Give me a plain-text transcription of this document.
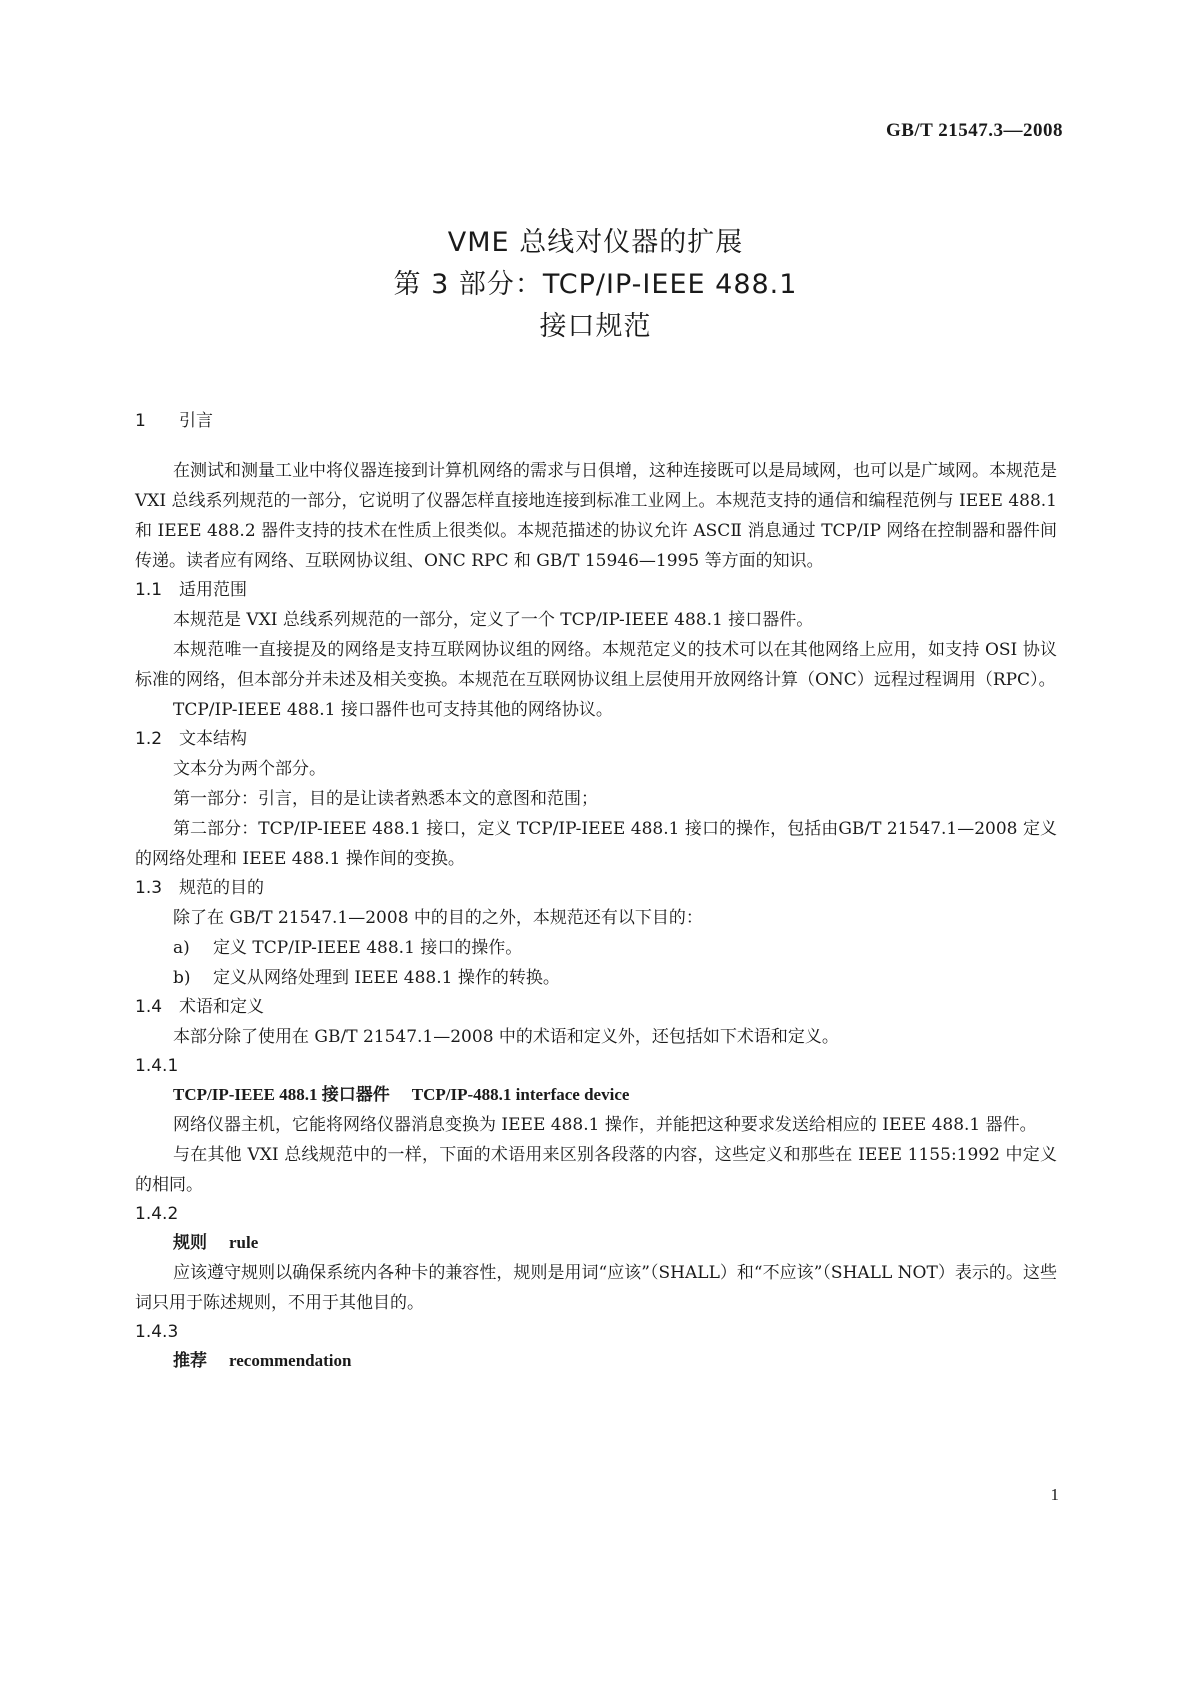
GB/T 21547.3—2008
VME 总线对仪器的扩展
第 3 部分：TCP/IP-IEEE 488.1
接口规范
1 引言
在测试和测量工业中将仪器连接到计算机网络的需求与日俱增，这种连接既可以是局域网，也可以是广域网。本规范是 VXI 总线系列规范的一部分，它说明了仪器怎样直接地连接到标准工业网上。本规范支持的通信和编程范例与 IEEE 488.1 和 IEEE 488.2 器件支持的技术在性质上很类似。本规范描述的协议允许 ASCⅡ 消息通过 TCP/IP 网络在控制器和器件间传递。读者应有网络、互联网协议组、ONC RPC 和 GB/T 15946—1995 等方面的知识。
1.1 适用范围
本规范是 VXI 总线系列规范的一部分，定义了一个 TCP/IP-IEEE 488.1 接口器件。
本规范唯一直接提及的网络是支持互联网协议组的网络。本规范定义的技术可以在其他网络上应用，如支持 OSI 协议标准的网络，但本部分并未述及相关变换。本规范在互联网协议组上层使用开放网络计算（ONC）远程过程调用（RPC）。
TCP/IP-IEEE 488.1 接口器件也可支持其他的网络协议。
1.2 文本结构
文本分为两个部分。
第一部分：引言，目的是让读者熟悉本文的意图和范围；
第二部分：TCP/IP-IEEE 488.1 接口，定义 TCP/IP-IEEE 488.1 接口的操作，包括由GB/T 21547.1—2008 定义的网络处理和 IEEE 488.1 操作间的变换。
1.3 规范的目的
除了在 GB/T 21547.1—2008 中的目的之外，本规范还有以下目的：
a) 定义 TCP/IP-IEEE 488.1 接口的操作。
b) 定义从网络处理到 IEEE 488.1 操作的转换。
1.4 术语和定义
本部分除了使用在 GB/T 21547.1—2008 中的术语和定义外，还包括如下术语和定义。
1.4.1
TCP/IP-IEEE 488.1 接口器件 TCP/IP-488.1 interface device
网络仪器主机，它能将网络仪器消息变换为 IEEE 488.1 操作，并能把这种要求发送给相应的 IEEE 488.1 器件。
与在其他 VXI 总线规范中的一样，下面的术语用来区别各段落的内容，这些定义和那些在 IEEE 1155:1992 中定义的相同。
1.4.2
规则 rule
应该遵守规则以确保系统内各种卡的兼容性，规则是用词“应该”（SHALL）和“不应该”（SHALL NOT）表示的。这些词只用于陈述规则，不用于其他目的。
1.4.3
推荐 recommendation
1
